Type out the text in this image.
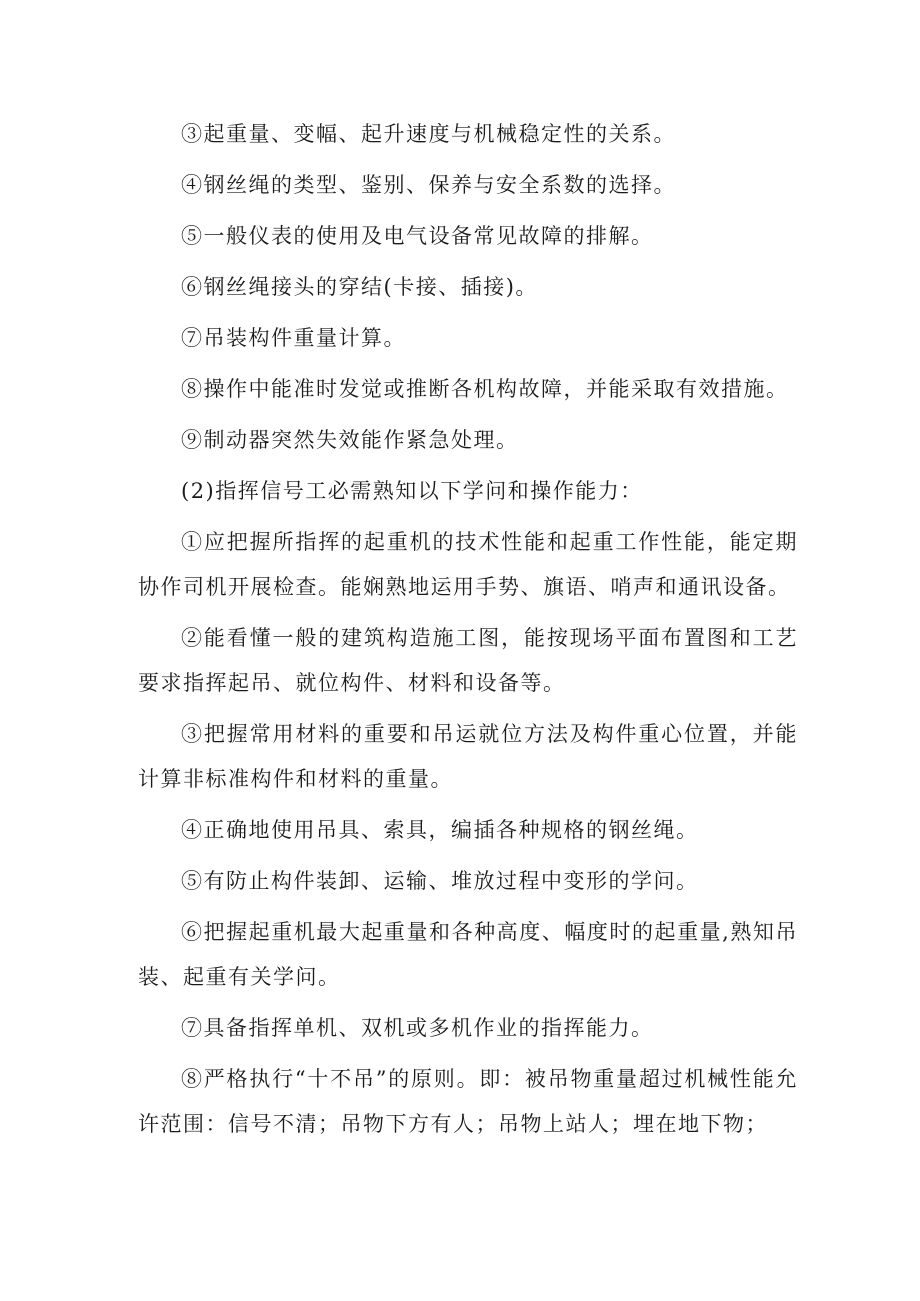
③起重量、变幅、起升速度与机械稳定性的关系。

④钢丝绳的类型、鉴别、保养与安全系数的选择。

⑤一般仪表的使用及电气设备常见故障的排解。

⑥钢丝绳接头的穿结(卡接、插接)。

⑦吊装构件重量计算。

⑧操作中能准时发觉或推断各机构故障，并能采取有效措施。

⑨制动器突然失效能作紧急处理。

(2)指挥信号工必需熟知以下学问和操作能力：

①应把握所指挥的起重机的技术性能和起重工作性能，能定期协作司机开展检查。能娴熟地运用手势、旗语、哨声和通讯设备。

②能看懂一般的建筑构造施工图，能按现场平面布置图和工艺要求指挥起吊、就位构件、材料和设备等。

③把握常用材料的重要和吊运就位方法及构件重心位置，并能计算非标准构件和材料的重量。

④正确地使用吊具、索具，编插各种规格的钢丝绳。

⑤有防止构件装卸、运输、堆放过程中变形的学问。

⑥把握起重机最大起重量和各种高度、幅度时的起重量,熟知吊装、起重有关学问。

⑦具备指挥单机、双机或多机作业的指挥能力。

⑧严格执行“十不吊”的原则。即：被吊物重量超过机械性能允许范围：信号不清；吊物下方有人；吊物上站人；埋在地下物；
